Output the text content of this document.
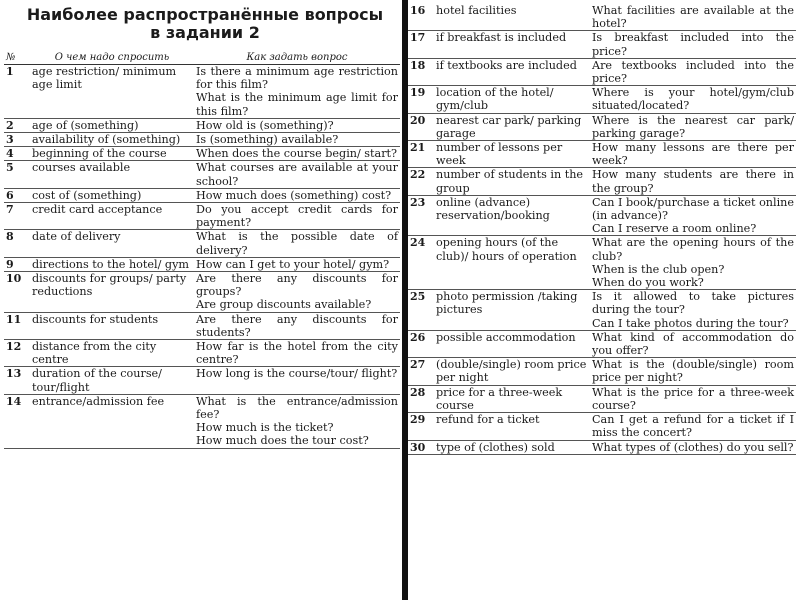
Наиболее распространённые вопросы
в задании 2
№	О чем надо спросить	Как задать вопрос
1	age restriction/ minimum age limit	Is there a minimum age restriction for this film?
What is the minimum age limit for this film?

2	age of (something)	How old is (something)?

3	availability of (something)	Is (something) available?

4	beginning of the course	When does the course begin/ start?

5	courses available	What courses are available at your school?

6	cost of (something)	How much does (something) cost?

7	credit card acceptance	Do you accept credit cards for payment?

8	date of delivery	What is the possible date of delivery?

9	directions to the hotel/ gym	How can I get to your hotel/ gym?

10	discounts for groups/ party reductions	Are there any discounts for groups?
Are group discounts available?

11	discounts for students	Are there any discounts for students?

12	distance from the city centre	How far is the hotel from the city centre?

13	duration of the course/ tour/flight	How long is the course/tour/ flight?

14	entrance/admission fee	What is the entrance/admission fee?
How much is the ticket?
How much does the tour cost?
16	hotel facilities	What facilities are available at the hotel?

17	if breakfast is included	Is breakfast included into the price?

18	if textbooks are included	Are textbooks included into the price?

19	location of the hotel/ gym/club	Where is your hotel/gym/club situated/located?

20	nearest car park/ parking garage	Where is the nearest car park/ parking garage?

21	number of lessons per week	How many lessons are there per week?

22	number of students in the group	How many students are there in the group?

23	online (advance) reservation/booking	Can I book/purchase a ticket online (in advance)?
Can I reserve a room online?

24	opening hours (of the club)/ hours of operation	What are the opening hours of the club?
When is the club open?
When do you work?

25	photo permission /taking pictures	Is it allowed to take pictures during the tour?
Can I take photos during the tour?

26	possible accommodation	What kind of accommodation do you offer?

27	(double/single) room price per night	What is the (double/single) room price per night?

28	price for a three-week course	What is the price for a three-week course?

29	refund for a ticket	Can I get a refund for a ticket if I miss the concert?

30	type of (clothes) sold	What types of (clothes) do you sell?
